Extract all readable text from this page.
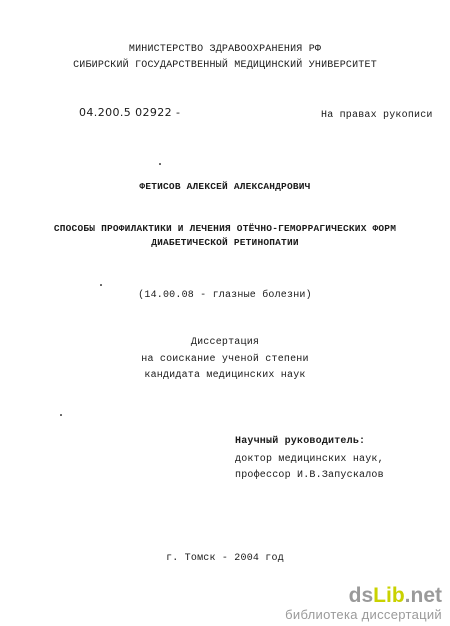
МИНИСТЕРСТВО ЗДРАВООХРАНЕНИЯ РФ
СИБИРСКИЙ ГОСУДАРСТВЕННЫЙ МЕДИЦИНСКИЙ УНИВЕРСИТЕТ
04.200.5 02922 -	На правах рукописи
ФЕТИСОВ АЛЕКСЕЙ АЛЕКСАНДРОВИЧ
СПОСОБЫ ПРОФИЛАКТИКИ И ЛЕЧЕНИЯ ОТЁЧНО-ГЕМОРРАГИЧЕСКИХ ФОРМ
ДИАБЕТИЧЕСКОЙ РЕТИНОПАТИИ
(14.00.08 - глазные болезни)
Диссертация
на соискание ученой степени
кандидата медицинских наук
Научный руководитель:
доктор медицинских наук,
профессор И.В.Запускалов
г. Томск - 2004 год
dsLib.net
библиотека диссертаций
